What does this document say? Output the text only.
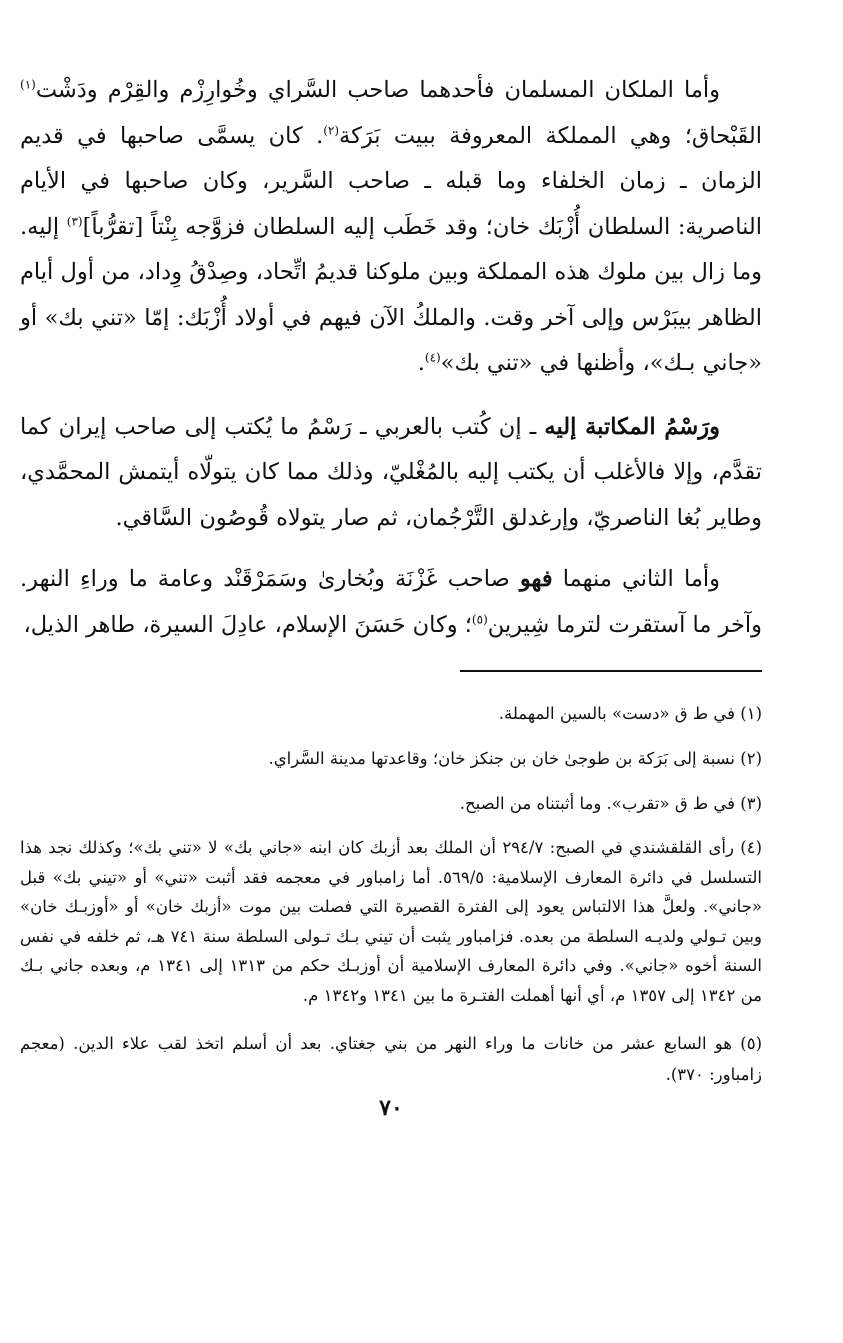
وأما الملكان المسلمان فأحدهما صاحب السَّراي وخُوارِزْم والقِرْم ودَشْت$^{(١)}$ القَبْحاق؛ وهي المملكة المعروفة ببيت بَرَكة$^{(٢)}$. كان يسمَّى صاحبها في قديم الزمان ـ زمان الخلفاء وما قبله ـ صاحب السَّرير، وكان صاحبها في الأيام الناصرية: السلطان أُزْبَك خان؛ وقد خَطَب إليه السلطان فزوَّجه بِنْتاً [تقرُّباً]$^{(٣)}$ إليه. وما زال بين ملوك هذه المملكة وبين ملوكنا قديمُ اتِّحاد، وصِدْقُ وِداد، من أول أيام الظاهر بيبَرْس وإلى آخر وقت. والملكُ الآن فيهم في أولاد أُزْبَك: إمّا «تني بك» أو «جاني بـك»، وأظنها في «تني بك»$^{(٤)}$.

ورَسْمُ المكاتبة إليه ـ إن كُتب بالعربي ـ رَسْمُ ما يُكتب إلى صاحب إيران كما تقدَّم، وإلا فالأغلب أن يكتب إليه بالمُغْليّ، وذلك مما كان يتولّاه أيتمش المحمَّدي، وطاير بُغا الناصريّ، وإرغدلق التَّرْجُمان، ثم صار يتولاه قُوصُون السَّاقي.

وأما الثاني منهما فهو صاحب غَزْنَة وبُخارىٰ وسَمَرْقَنْد وعامة ما وراءِ النهر. وآخر ما آستقرت لترما شِيرين$^{(٥)}$؛ وكان حَسَنَ الإسلام، عادِلَ السيرة، طاهر الذيل،

(١) في ط ق «دست» بالسين المهملة.

(٢) نسبة إلى بَرَكة بن طوجىٰ خان بن جنكز خان؛ وقاعدتها مدينة السَّراي.

(٣) في ط ق «تقرب». وما أثبتناه من الصبح.

(٤) رأى القلقشندي في الصبح: ٢٩٤/٧ أن الملك بعد أزبك كان ابنه «جاني بك» لا «تني بك»؛ وكذلك نجد هذا التسلسل في دائرة المعارف الإسلامية: ٥٦٩/٥. أما زامباور في معجمه فقد أثبت «تني» أو «تيني بك» قبل «جاني». ولعلَّ هذا الالتباس يعود إلى الفترة القصيرة التي فصلت بين موت «أزبك خان» أو «أوزبـك خان» وبين تـولي ولديـه السلطة من بعده. فزامباور يثبت أن تيني بـك تـولى السلطة سنة ٧٤١ هـ، ثم خلفه في نفس السنة أخوه «جاني». وفي دائرة المعارف الإسلامية أن أوزبـك حكم من ١٣١٣ إلى ١٣٤١ م، وبعده جاني بـك من ١٣٤٢ إلى ١٣٥٧ م، أي أنها أهملت الفتـرة ما بين ١٣٤١ و١٣٤٢ م.

(٥) هو السابع عشر من خانات ما وراء النهر من بني جغتاي. بعد أن أسلم اتخذ لقب علاء الدين. (معجم زامباور: ٣٧٠).

٧٠
